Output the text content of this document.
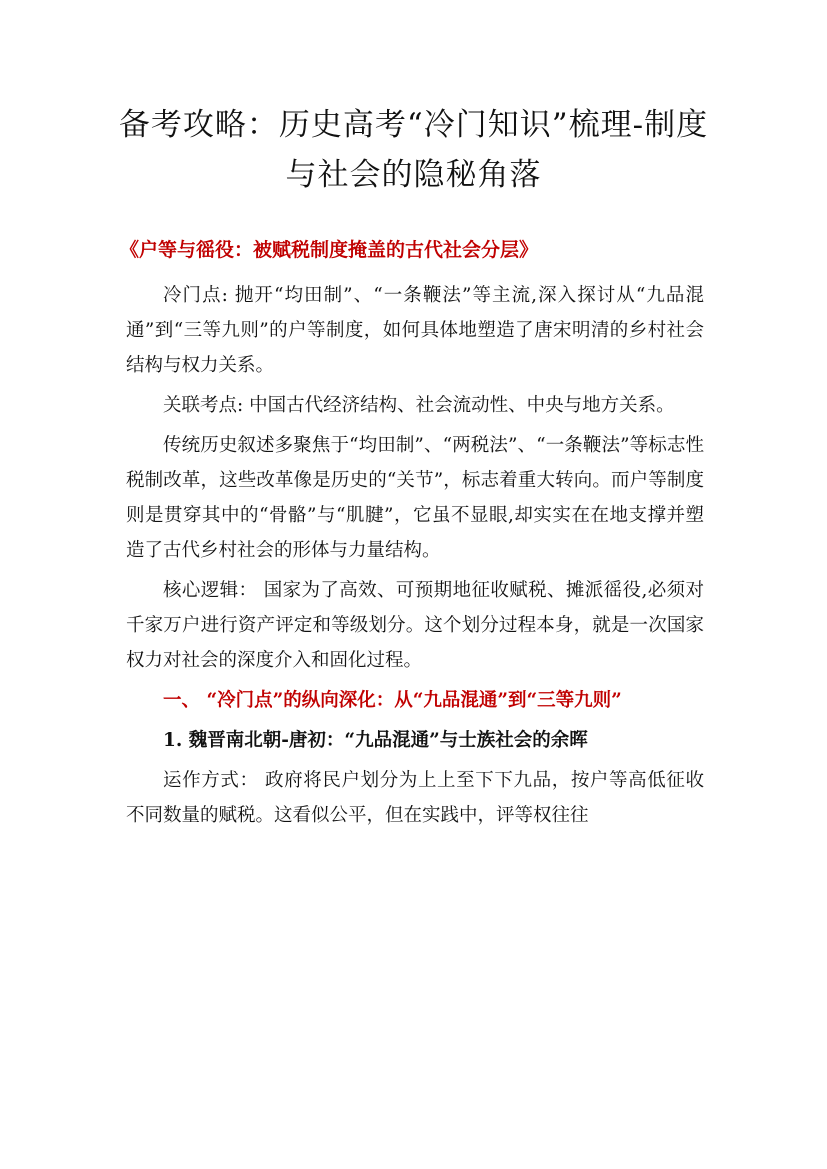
备考攻略：历史高考“冷门知识”梳理-制度与社会的隐秘角落
《户等与徭役：被赋税制度掩盖的古代社会分层》

冷门点: 抛开“均田制”、“一条鞭法”等主流,深入探讨从“九品混通”到“三等九则”的户等制度，如何具体地塑造了唐宋明清的乡村社会结构与权力关系。

关联考点: 中国古代经济结构、社会流动性、中央与地方关系。

传统历史叙述多聚焦于“均田制”、“两税法”、“一条鞭法”等标志性税制改革，这些改革像是历史的“关节”，标志着重大转向。而户等制度则是贯穿其中的“骨骼”与“肌腱”，它虽不显眼,却实实在在地支撑并塑造了古代乡村社会的形体与力量结构。

核心逻辑： 国家为了高效、可预期地征收赋税、摊派徭役,必须对千家万户进行资产评定和等级划分。这个划分过程本身，就是一次国家权力对社会的深度介入和固化过程。

一、 “冷门点”的纵向深化：从“九品混通”到“三等九则”

1. 魏晋南北朝-唐初：“九品混通”与士族社会的余晖

运作方式： 政府将民户划分为上上至下下九品，按户等高低征收不同数量的赋税。这看似公平，但在实践中，评等权往往
